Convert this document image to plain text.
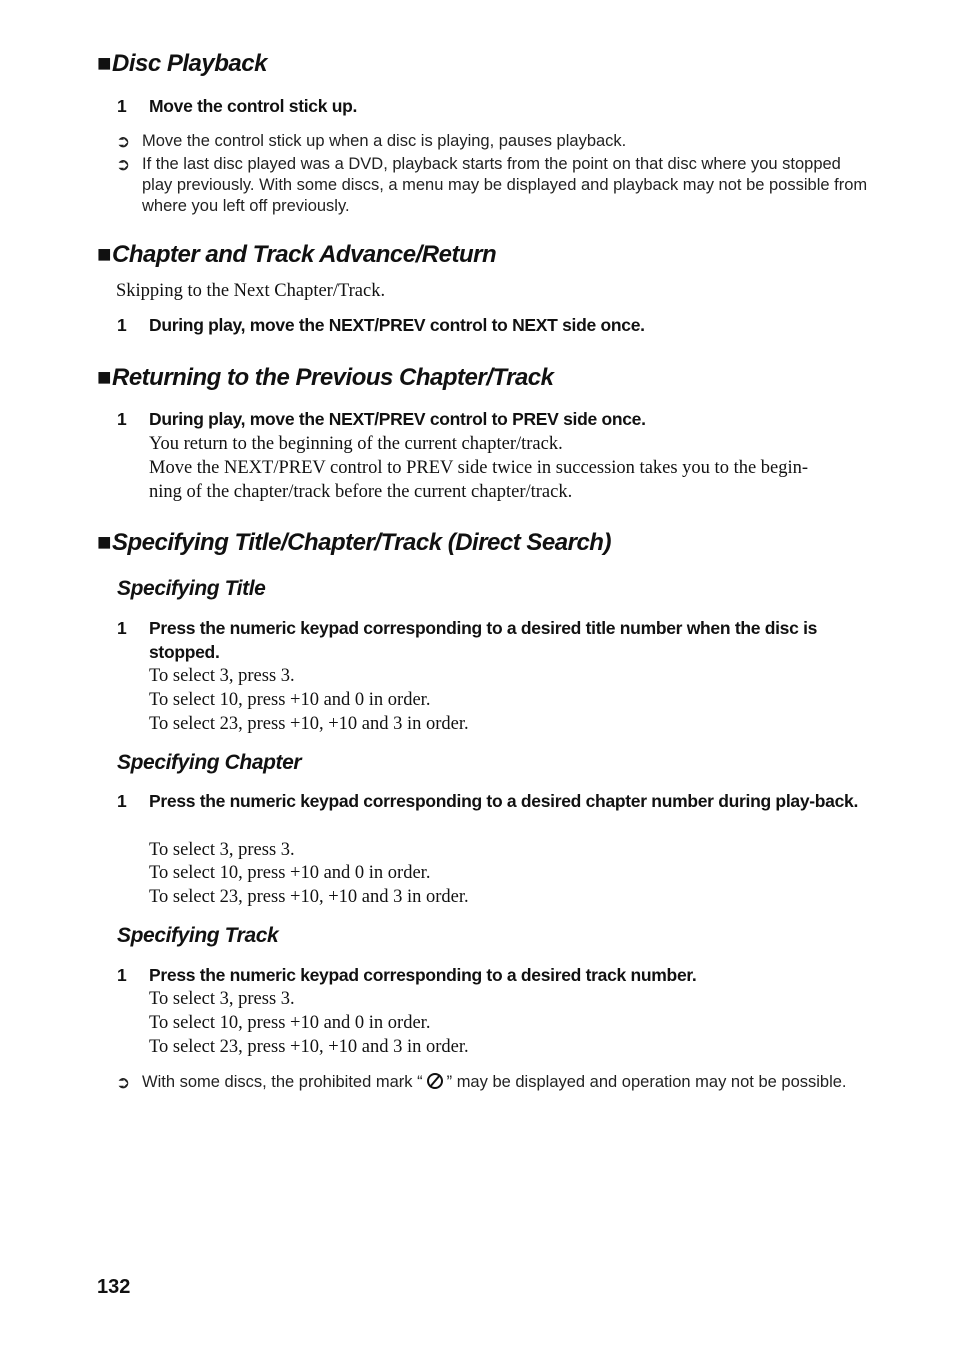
■Disc Playback
1 Move the control stick up.
➲ Move the control stick up when a disc is playing, pauses playback.
➲ If the last disc played was a DVD, playback starts from the point on that disc where you stopped play previously. With some discs, a menu may be displayed and playback may not be possible from where you left off previously.
■Chapter and Track Advance/Return
Skipping to the Next Chapter/Track.
1 During play, move the NEXT/PREV control to NEXT side once.
■Returning to the Previous Chapter/Track
1 During play, move the NEXT/PREV control to PREV side once.
You return to the beginning of the current chapter/track.
Move the NEXT/PREV control to PREV side twice in succession takes you to the begin-
ning of the chapter/track before the current chapter/track.
■Specifying Title/Chapter/Track (Direct Search)
Specifying Title
1 Press the numeric keypad corresponding to a desired title number when the disc is stopped.
To select 3, press 3.
To select 10, press +10 and 0 in order.
To select 23, press +10, +10 and 3 in order.
Specifying Chapter
1 Press the numeric keypad corresponding to a desired chapter number during play-back.
To select 3, press 3.
To select 10, press +10 and 0 in order.
To select 23, press +10, +10 and 3 in order.
Specifying Track
1 Press the numeric keypad corresponding to a desired track number.
To select 3, press 3.
To select 10, press +10 and 0 in order.
To select 23, press +10, +10 and 3 in order.
➲ With some discs, the prohibited mark “ ” may be displayed and operation may not be possible.
132
